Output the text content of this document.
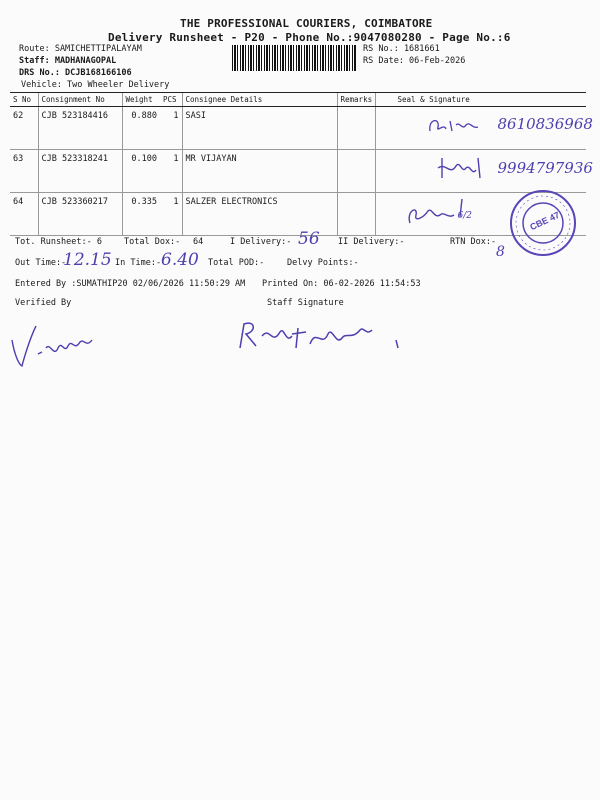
THE PROFESSIONAL COURIERS, COIMBATORE
Delivery Runsheet - P20 - Phone No.:9047080280 - Page No.:6
Route: SAMICHETTIPALAYAM
Staff: MADHANAGOPAL
DRS No.: DCJB168166106
Vehicle: Two Wheeler Delivery
RS No.: 1681661
RS Date: 06-Feb-2026
S No	Consignment No	Weight	PCS	Consignee Details	Remarks	Seal & Signature
62	CJB 523184416	0.880	1	SASI		8610836968

63	CJB 523318241	0.100	1	MR VIJAYAN		9994797936

64	CJB 523360217	0.335	1	SALZER ELECTRONICS		6/2	CBE 47
Tot. Runsheet:- 6	Total Dox:- 64	I Delivery:- 56 II Delivery:-	RTN Dox:-
8
Out Time:-
12.15 In Time:- 6.40 Total POD:-	Delvy Points:-
Entered By :SUMATHIP20 02/06/2026 11:50:29 AM Printed On: 06-02-2026 11:54:53
Verified By	Staff Signature
